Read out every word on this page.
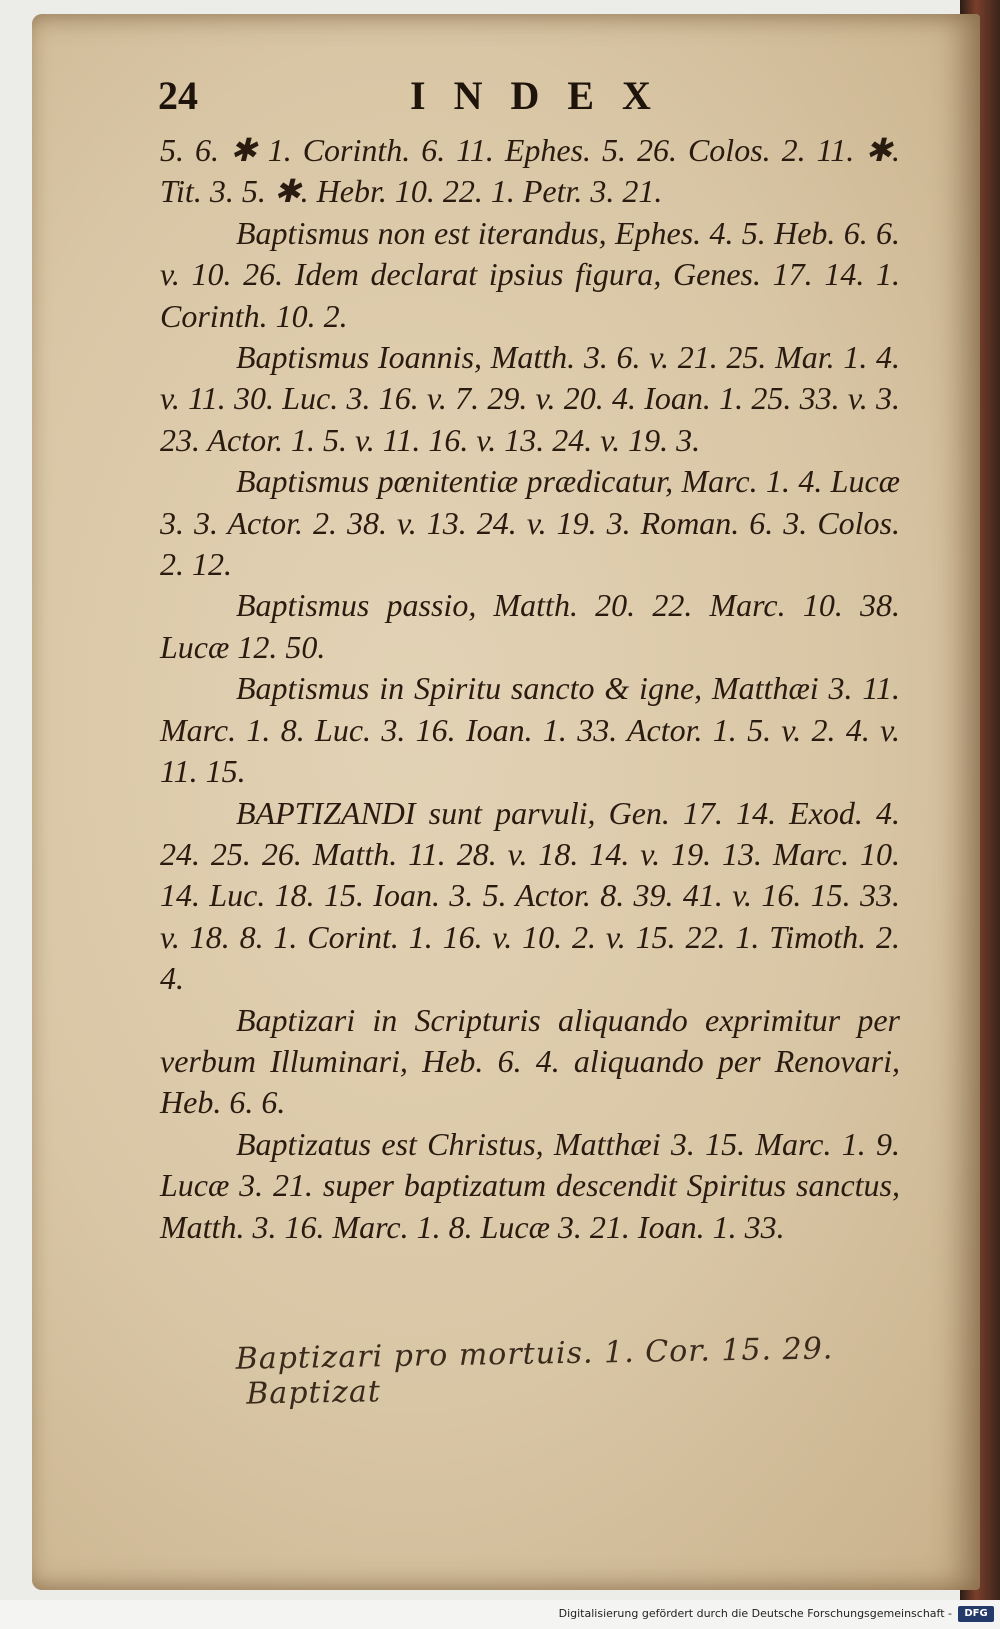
24	INDEX

5. 6. ✱ 1. Corinth. 6. 11. Ephes. 5. 26. Colos. 2. 11. ✱. Tit. 3. 5. ✱. Hebr. 10. 22. 1. Petr. 3. 21.

Baptismus non est iterandus, Ephes. 4. 5. Heb. 6. 6. v. 10. 26. Idem declarat ipsius figura, Genes. 17. 14. 1. Corinth. 10. 2.

Baptismus Ioannis, Matth. 3. 6. v. 21. 25. Mar. 1. 4. v. 11. 30. Luc. 3. 16. v. 7. 29. v. 20. 4. Ioan. 1. 25. 33. v. 3. 23. Actor. 1. 5. v. 11. 16. v. 13. 24. v. 19. 3.

Baptismus pœnitentiæ prædicatur, Marc. 1. 4. Lucæ 3. 3. Actor. 2. 38. v. 13. 24. v. 19. 3. Roman. 6. 3. Colos. 2. 12.

Baptismus passio, Matth. 20. 22. Marc. 10. 38. Lucæ 12. 50.

Baptismus in Spiritu sancto & igne, Matthæi 3. 11. Marc. 1. 8. Luc. 3. 16. Ioan. 1. 33. Actor. 1. 5. v. 2. 4. v. 11. 15.

BAPTIZANDI sunt parvuli, Gen. 17. 14. Exod. 4. 24. 25. 26. Matth. 11. 28. v. 18. 14. v. 19. 13. Marc. 10. 14. Luc. 18. 15. Ioan. 3. 5. Actor. 8. 39. 41. v. 16. 15. 33. v. 18. 8. 1. Corint. 1. 16. v. 10. 2. v. 15. 22. 1. Timoth. 2. 4.

Baptizari in Scripturis aliquando exprimitur per verbum Illuminari, Heb. 6. 4. aliquando per Renovari, Heb. 6. 6.

Baptizatus est Christus, Matthæi 3. 15. Marc. 1. 9. Lucæ 3. 21. super baptizatum descendit Spiritus sanctus, Matth. 3. 16. Marc. 1. 8. Lucæ 3. 21. Ioan. 1. 33.

Baptizari pro mortuis. 1. Cor. 15. 29. Baptizat
Digitalisierung gefördert durch die Deutsche Forschungsgemeinschaft -	DFG
